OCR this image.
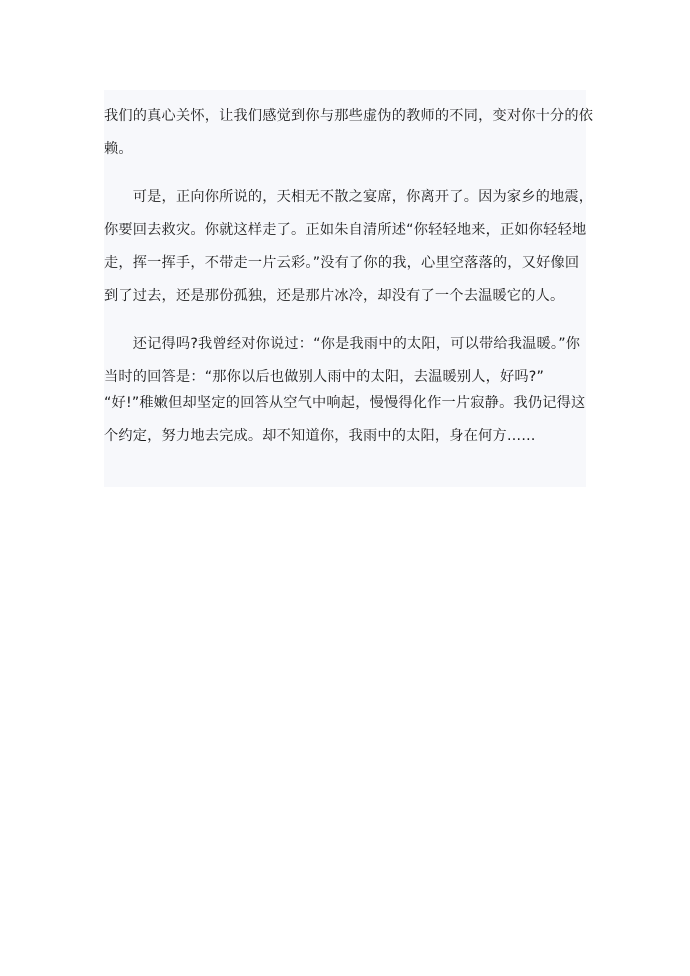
我们的真心关怀，让我们感觉到你与那些虚伪的教师的不同，变对你十分的依
赖。

　　可是，正向你所说的，天相无不散之宴席，你离开了。因为家乡的地震，
你要回去救灾。你就这样走了。正如朱自清所述“你轻轻地来，正如你轻轻地
走，挥一挥手，不带走一片云彩。”没有了你的我，心里空落落的，又好像回
到了过去，还是那份孤独，还是那片冰冷，却没有了一个去温暖它的人。

　　还记得吗?我曾经对你说过：“你是我雨中的太阳，可以带给我温暖。”你
当时的回答是：“那你以后也做别人雨中的太阳，去温暖别人，好吗?”
“好!”稚嫩但却坚定的回答从空气中响起，慢慢得化作一片寂静。我仍记得这
个约定，努力地去完成。却不知道你，我雨中的太阳，身在何方……
